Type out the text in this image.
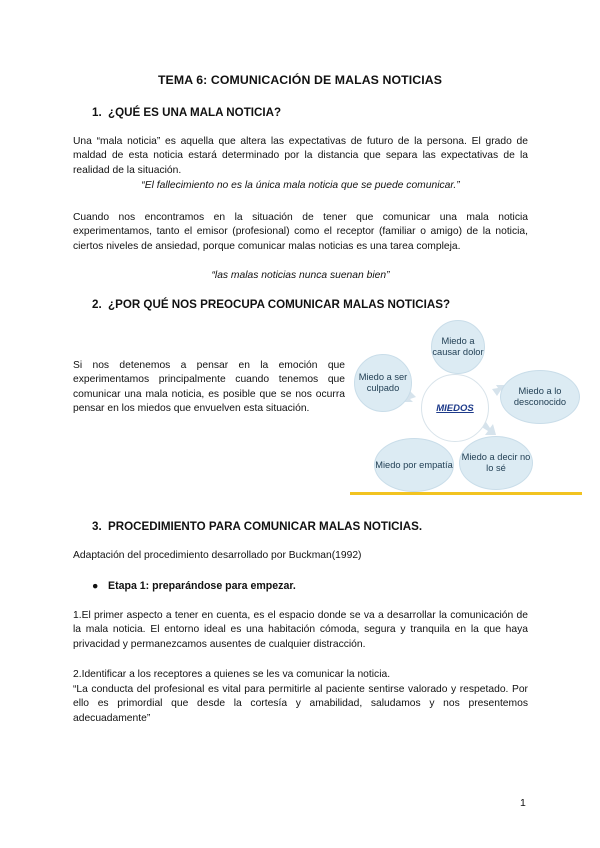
TEMA 6: COMUNICACIÓN DE MALAS NOTICIAS
1. ¿QUÉ ES UNA MALA NOTICIA?
Una “mala noticia” es aquella que altera las expectativas de futuro de la persona. El grado de maldad de esta noticia estará determinado por la distancia que separa las expectativas de la realidad de la situación.
“El fallecimiento no es la única mala noticia que se puede comunicar.”
Cuando nos encontramos en la situación de tener que comunicar una mala noticia experimentamos, tanto el emisor (profesional) como el receptor (familiar o amigo) de la noticia, ciertos niveles de ansiedad, porque comunicar malas noticias es una tarea compleja.
“las malas noticias nunca suenan bien”
2. ¿POR QUÉ NOS PREOCUPA COMUNICAR MALAS NOTICIAS?
Si nos detenemos a pensar en la emoción que experimentamos principalmente cuando tenemos que comunicar una mala noticia, es posible que se nos ocurra pensar en los miedos que envuelven esta situación.	MIEDOS
Miedo a causar dolor
Miedo a lo desconocido
Miedo a decir no lo sé
Miedo por empatía
Miedo a ser culpado
3. PROCEDIMIENTO PARA COMUNICAR MALAS NOTICIAS.
Adaptación del procedimiento desarrollado por Buckman(1992)
● Etapa 1: preparándose para empezar.
1.El primer aspecto a tener en cuenta, es el espacio donde se va a desarrollar la comunicación de la mala noticia. El entorno ideal es una habitación cómoda, segura y tranquila en la que haya privacidad y permanezcamos ausentes de cualquier distracción.
2.Identificar a los receptores a quienes se les va comunicar la noticia.
“La conducta del profesional es vital para permitirle al paciente sentirse valorado y respetado. Por ello es primordial que desde la cortesía y amabilidad, saludamos y nos presentemos adecuadamente”
1
